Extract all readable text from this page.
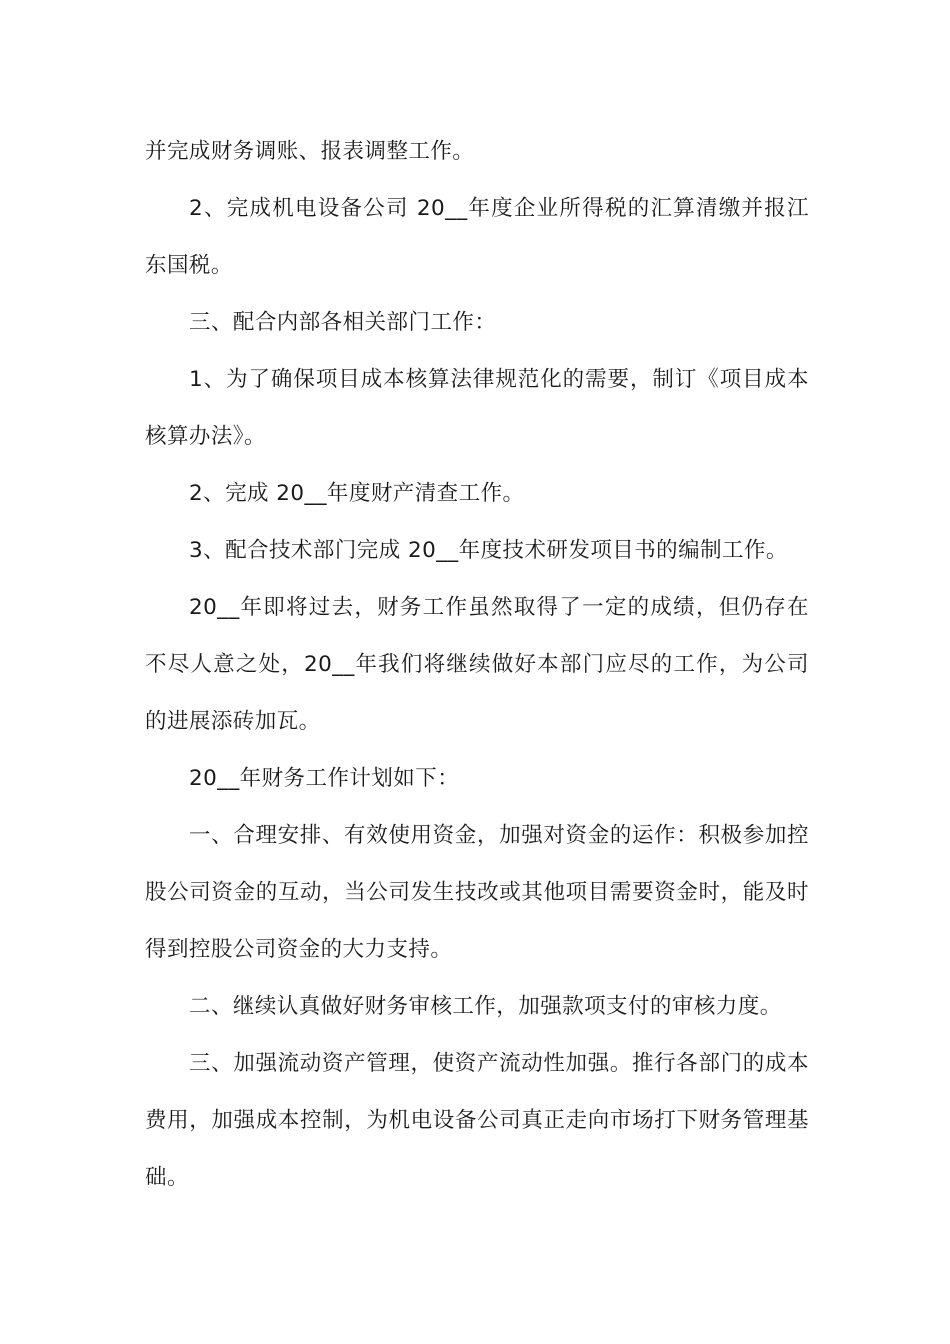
并完成财务调账、报表调整工作。

2、完成机电设备公司 20__年度企业所得税的汇算清缴并报江东国税。

三、配合内部各相关部门工作：

1、为了确保项目成本核算法律规范化的需要，制订《项目成本核算办法》。

2、完成 20__年度财产清查工作。

3、配合技术部门完成 20__年度技术研发项目书的编制工作。

20__年即将过去，财务工作虽然取得了一定的成绩，但仍存在不尽人意之处，20__年我们将继续做好本部门应尽的工作，为公司的进展添砖加瓦。

20__年财务工作计划如下：

一、合理安排、有效使用资金，加强对资金的运作：积极参加控股公司资金的互动，当公司发生技改或其他项目需要资金时，能及时得到控股公司资金的大力支持。

二、继续认真做好财务审核工作，加强款项支付的审核力度。

三、加强流动资产管理，使资产流动性加强。推行各部门的成本费用，加强成本控制，为机电设备公司真正走向市场打下财务管理基础。
